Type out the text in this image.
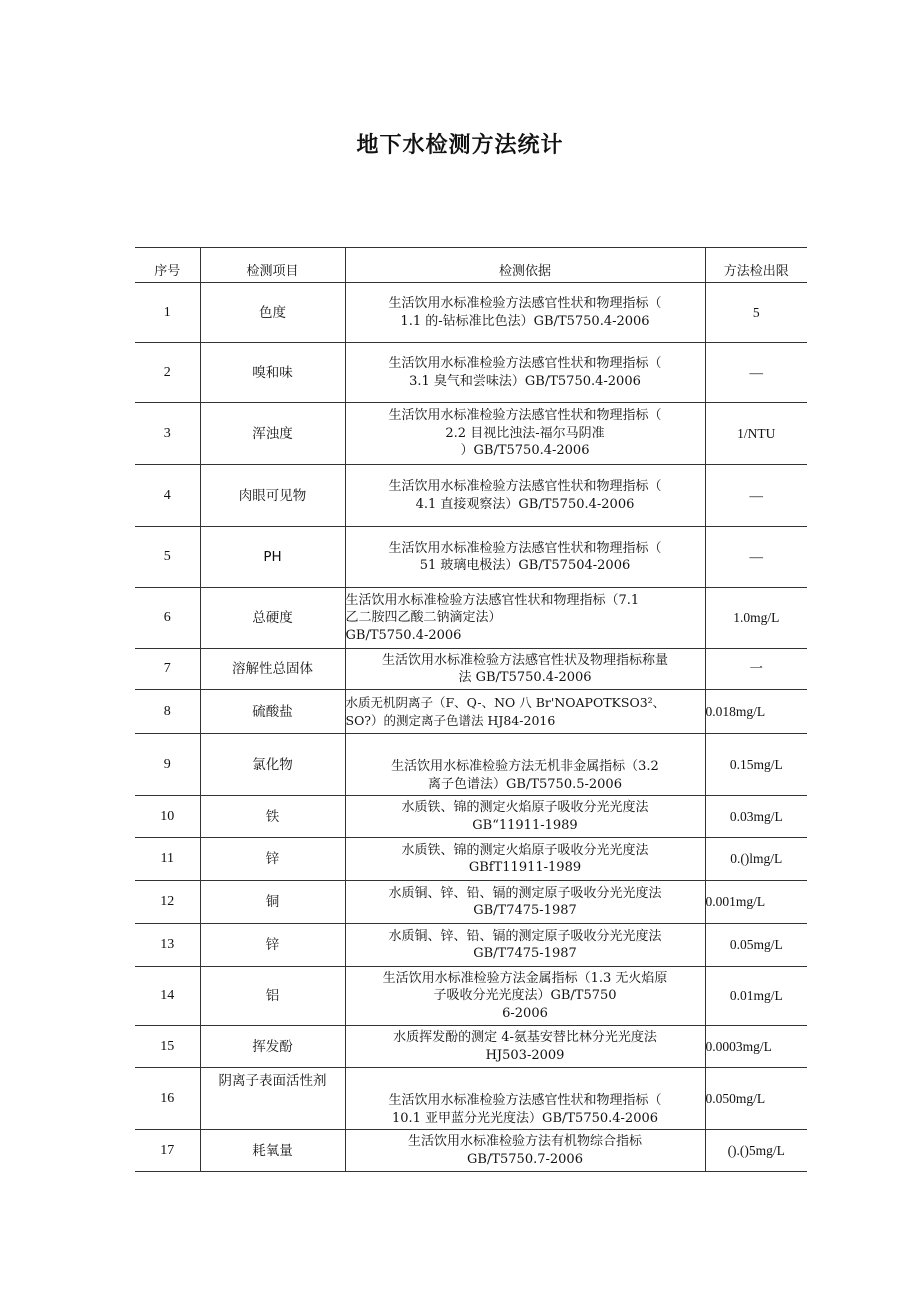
地下水检测方法统计
序号	检测项目	检测依据	方法检出限
1	色度	生活饮用水标准检验方法感官性状和物理指标（
1.1 的-钻标准比色法）GB/T5750.4-2006	5
2	嗅和味	生活饮用水标准检验方法感官性状和物理指标（
3.1 臭气和尝味法）GB/T5750.4-2006	—
3	浑浊度	生活饮用水标准检验方法感官性状和物理指标（
2.2 目视比浊法-福尔马阴准
）GB/T5750.4-2006	1/NTU
4	肉眼可见物	生活饮用水标准检验方法感官性状和物理指标（
4.1 直接观察法）GB/T5750.4-2006	—
5	PH	生活饮用水标准检验方法感官性状和物理指标（
51 玻璃电极法）GB/T57504-2006	—
6	总硬度	生活饮用水标准检验方法感官性状和物理指标（7.1
乙二胺四乙酸二钠滴定法）
GB/T5750.4-2006	1.0mg/L
7	溶解性总固体	生活饮用水标准检验方法感官性状及物理指标称量
法 GB/T5750.4-2006	一
8	硫酸盐	水质无机阴离子（F、Q-、NO 八 Br'NOAPOTKSO3²、
SO?）的测定离子色谱法 HJ84-2016	0.018mg/L
9	氯化物	生活饮用水标准检验方法无机非金属指标（3.2
离子色谱法）GB/T5750.5-2006	0.15mg/L
10	铁	水质铁、锦的测定火焰原子吸收分光光度法
GB“11911-1989	0.03mg/L
11	锌	水质铁、锦的测定火焰原子吸收分光光度法
GBfT11911-1989	0.()lmg/L
12	铜	水质铜、锌、铅、镉的测定原子吸收分光光度法
GB/T7475-1987	0.001mg/L
13	锌	水质铜、锌、铅、镉的测定原子吸收分光光度法
GB/T7475-1987	0.05mg/L
14	铝	生活饮用水标准检验方法金属指标（1.3 无火焰原
子吸收分光光度法）GB/T5750
6-2006	0.01mg/L
15	挥发酚	水质挥发酚的测定 4-氨基安替比林分光光度法
HJ503-2009	0.0003mg/L
16	阴离子表面活性剂	生活饮用水标准检验方法感官性状和物理指标（
10.1 亚甲蓝分光光度法）GB/T5750.4-2006	0.050mg/L
17	耗氧量	生活饮用水标准检验方法有机物综合指标
GB/T5750.7-2006	().()5mg/L
